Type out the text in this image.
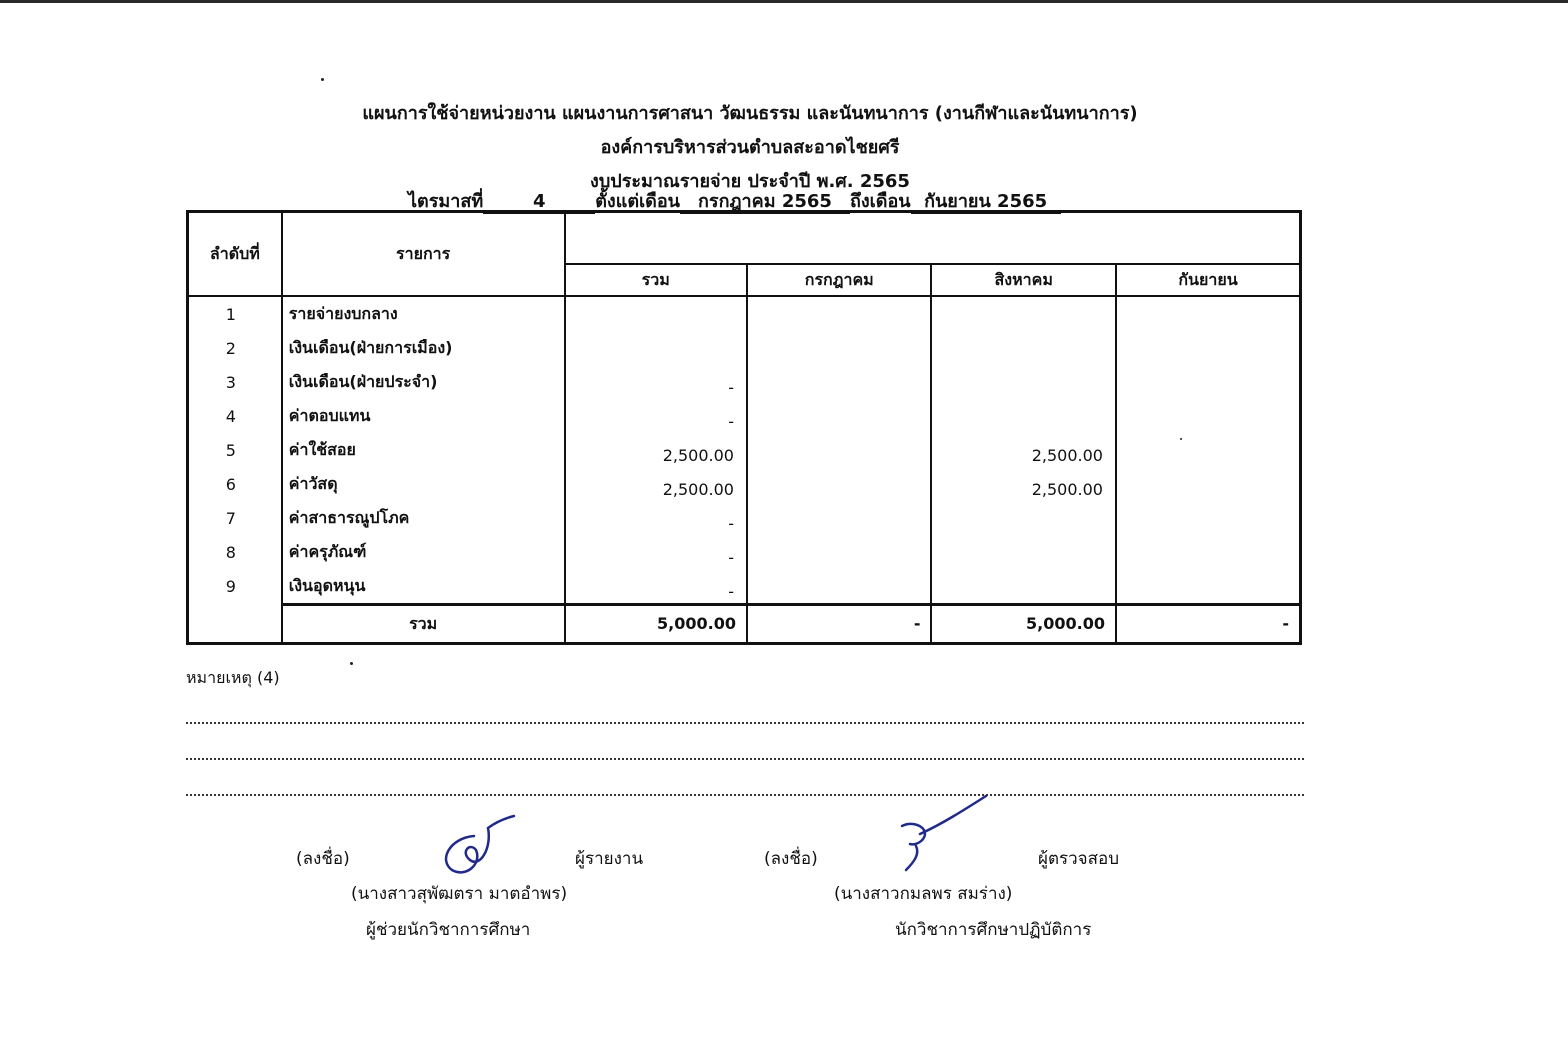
แผนการใช้จ่ายหน่วยงาน แผนงานการศาสนา วัฒนธรรม และนันทนาการ (งานกีฬาและนันทนาการ)
องค์การบริหารส่วนตำบลสะอาดไชยศรี
งบประมาณรายจ่าย ประจำปี พ.ศ. 2565
ไตรมาสที่	4	ตั้งแต่เดือน กรกฎาคม 2565 ถึงเดือน กันยายน 2565
ลำดับที่	รายการ				
		รวม	กรกฎาคม	สิงหาคม	กันยายน
1	รายจ่ายงบกลาง				
2	เงินเดือน(ฝ่ายการเมือง)				
3	เงินเดือน(ฝ่ายประจำ)	-			
4	ค่าตอบแทน	-			
5	ค่าใช้สอย	2,500.00		2,500.00	
6	ค่าวัสดุ	2,500.00		2,500.00	
7	ค่าสาธารณูปโภค	-			
8	ค่าครุภัณฑ์	-			
9	เงินอุดหนุน	-			
	รวม	5,000.00	-	5,000.00	-
หมายเหตุ (4)
(ลงชื่อ)	ผู้รายงาน
(นางสาวสุพัฒตรา มาตอำพร)
ผู้ช่วยนักวิชาการศึกษา
(ลงชื่อ)	ผู้ตรวจสอบ
(นางสาวกมลพร สมร่าง)
นักวิชาการศึกษาปฏิบัติการ
